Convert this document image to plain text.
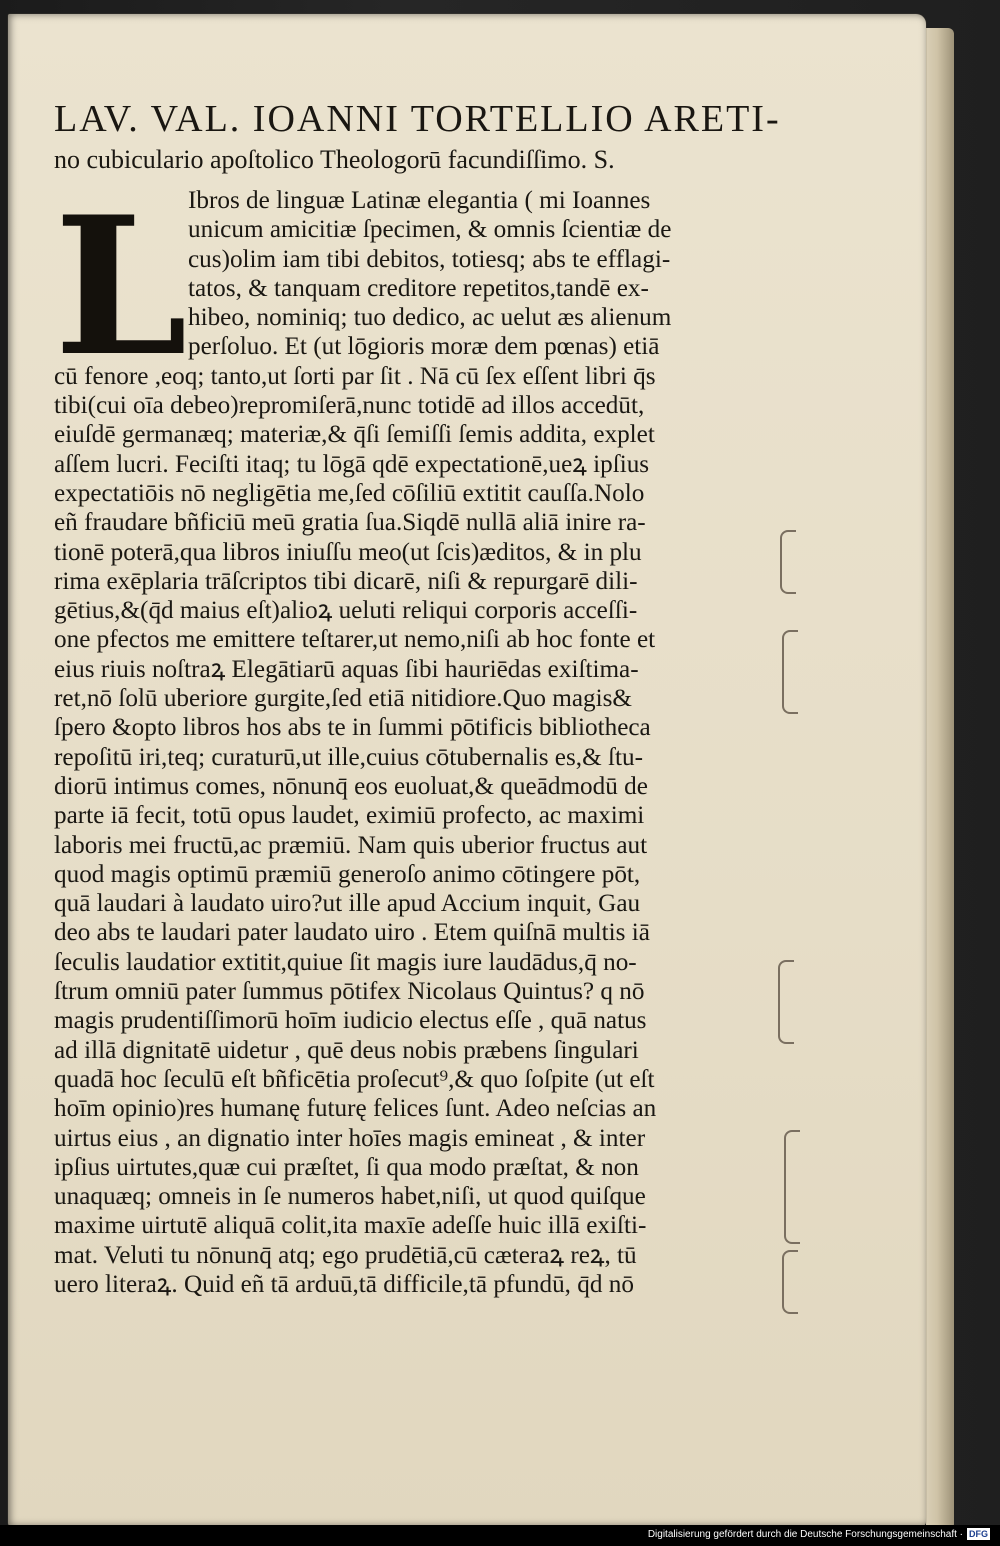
LAV. VAL. IOANNI TORTELLIO ARETI-
no cubiculario apoſtolico Theologorū facundiſſimo. S.
L Ibros de linguæ Latinæ elegantia ( mi Ioannes
unicum amicitiæ ſpecimen, & omnis ſcientiæ de
cus)olim iam tibi debitos, totiesq; abs te efflagi-
tatos, & tanquam creditore repetitos,tandē ex-
hibeo, nominiq; tuo dedico, ac uelut æs alienum
perſoluo. Et (ut lōgioris moræ dem pœnas) etiā
cū fenore ,eoq; tanto,ut ſorti par ſit . Nā cū ſex eſſent libri q̄s
tibi(cui oīa debeo)repromiſerā,nunc totidē ad illos accedūt,
eiuſdē germanæq; materiæ,& q̄ſi ſemiſſi ſemis addita, explet
aſſem lucri. Feciſti itaq; tu lōgā qdē expectationē,ueꝝ ipſius
expectatiōis nō negligētia me,ſed cōſiliū extitit cauſſa.Nolo
eñ fraudare bñficiū meū gratia ſua.Siqdē nullā aliā inire ra-
tionē poterā,qua libros iniuſſu meo(ut ſcis)æditos, & in plu
rima exēplaria trāſcriptos tibi dicarē, niſi & repurgarē dili-
gētius,&(q̄d maius eſt)alioꝝ ueluti reliqui corporis acceſſi-
one pfectos me emittere teſtarer,ut nemo,niſi ab hoc fonte et
eius riuis noſtraꝝ Elegātiarū aquas ſibi hauriēdas exiſtima-
ret,nō ſolū uberiore gurgite,ſed etiā nitidiore.Quo magis&
ſpero &opto libros hos abs te in ſummi pōtificis bibliotheca
repoſitū iri,teq; curaturū,ut ille,cuius cōtubernalis es,& ſtu-
diorū intimus comes, nōnunq̄ eos euoluat,& queādmodū de
parte iā fecit, totū opus laudet, eximiū profecto, ac maximi
laboris mei fructū,ac præmiū. Nam quis uberior fructus aut
quod magis optimū præmiū generoſo animo cōtingere pōt,
quā laudari à laudato uiro?ut ille apud Accium inquit, Gau
deo abs te laudari pater laudato uiro . Etem quiſnā multis iā
ſeculis laudatior extitit,quiue ſit magis iure laudādus,q̄ no-
ſtrum omniū pater ſummus pōtifex Nicolaus Quintus? q nō
magis prudentiſſimorū hoīm iudicio electus eſſe , quā natus
ad illā dignitatē uidetur , quē deus nobis præbens ſingulari
quadā hoc ſeculū eſt bñficētia proſecut⁹,& quo ſoſpite (ut eſt
hoīm opinio)res humanę futurę felices ſunt. Adeo neſcias an
uirtus eius , an dignatio inter hoīes magis emineat , & inter
ipſius uirtutes,quæ cui præſtet, ſi qua modo præſtat, & non
unaquæq; omneis in ſe numeros habet,niſi, ut quod quiſque
maxime uirtutē aliquā colit,ita maxīe adeſſe huic illā exiſti-
mat. Veluti tu nōnunq̄ atq; ego prudētiā,cū cæteraꝝ reꝝ, tū
uero literaꝝ. Quid eñ tā arduū,tā difficile,tā pfundū, q̄d nō
Digitalisierung gefördert durch die Deutsche Forschungsgemeinschaft · DFG
